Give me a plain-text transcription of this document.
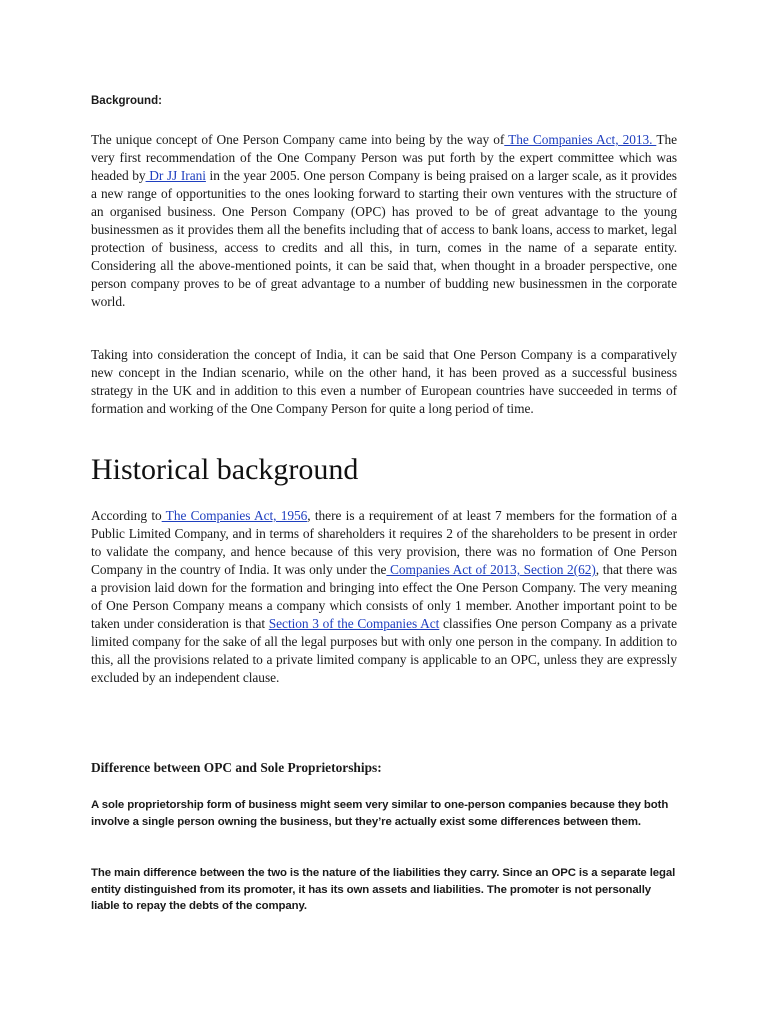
Background:

The unique concept of One Person Company came into being by the way of The Companies Act, 2013. The very first recommendation of the One Company Person was put forth by the expert committee which was headed by Dr JJ Irani in the year 2005. One person Company is being praised on a larger scale, as it provides a new range of opportunities to the ones looking forward to starting their own ventures with the structure of an organised business. One Person Company (OPC) has proved to be of great advantage to the young businessmen as it provides them all the benefits including that of access to bank loans, access to market, legal protection of business, access to credits and all this, in turn, comes in the name of a separate entity. Considering all the above-mentioned points, it can be said that, when thought in a broader perspective, one person company proves to be of great advantage to a number of budding new businessmen in the corporate world.

Taking into consideration the concept of India, it can be said that One Person Company is a comparatively new concept in the Indian scenario, while on the other hand, it has been proved as a successful business strategy in the UK and in addition to this even a number of European countries have succeeded in terms of formation and working of the One Company Person for quite a long period of time.

Historical background

According to The Companies Act, 1956, there is a requirement of at least 7 members for the formation of a Public Limited Company, and in terms of shareholders it requires 2 of the shareholders to be present in order to validate the company, and hence because of this very provision, there was no formation of One Person Company in the country of India. It was only under the Companies Act of 2013, Section 2(62), that there was a provision laid down for the formation and bringing into effect the One Person Company. The very meaning of One Person Company means a company which consists of only 1 member. Another important point to be taken under consideration is that Section 3 of the Companies Act classifies One person Company as a private limited company for the sake of all the legal purposes but with only one person in the company. In addition to this, all the provisions related to a private limited company is applicable to an OPC, unless they are expressly excluded by an independent clause.

Difference between OPC and Sole Proprietorships:

A sole proprietorship form of business might seem very similar to one-person companies because they both involve a single person owning the business, but they’re actually exist some differences between them.

The main difference between the two is the nature of the liabilities they carry. Since an OPC is a separate legal entity distinguished from its promoter, it has its own assets and liabilities. The promoter is not personally liable to repay the debts of the company.
